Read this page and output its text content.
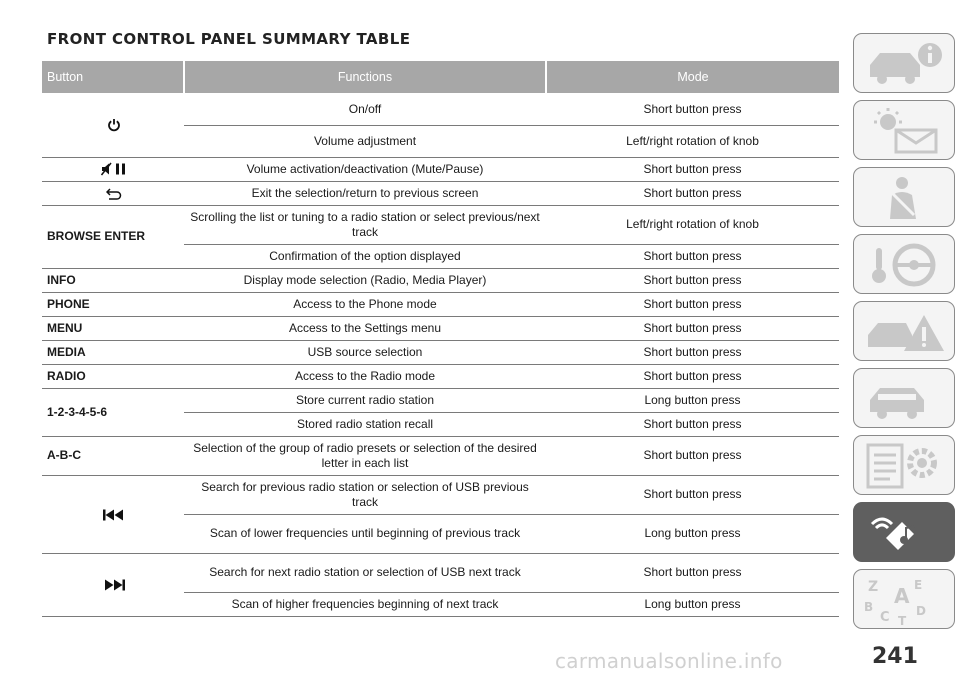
FRONT CONTROL PANEL SUMMARY TABLE
Button	Functions	Mode

	On/off	Short button press
	Volume adjustment	Left/right rotation of knob

	Volume activation/deactivation (Mute/Pause)	Short button press

	Exit the selection/return to previous screen	Short button press
BROWSE ENTER	Scrolling the list or tuning to a radio station or select previous/next track	Left/right rotation of knob
	Confirmation of the option displayed	Short button press
INFO	Display mode selection (Radio, Media Player)	Short button press
PHONE	Access to the Phone mode	Short button press
MENU	Access to the Settings menu	Short button press
MEDIA	USB source selection	Short button press
RADIO	Access to the Radio mode	Short button press
1-2-3-4-5-6	Store current radio station	Long button press
	Stored radio station recall	Short button press
A-B-C	Selection of the group of radio presets or selection of the desired letter in each list	Short button press

	Search for previous radio station or selection of USB previous track	Short button press
	Scan of lower frequencies until beginning of previous track	Long button press

	Search for next radio station or selection of USB next track	Short button press
	Scan of higher frequencies beginning of next track	Long button press
Z	E
A
B
C D
T
carmanualsonline.info	241
